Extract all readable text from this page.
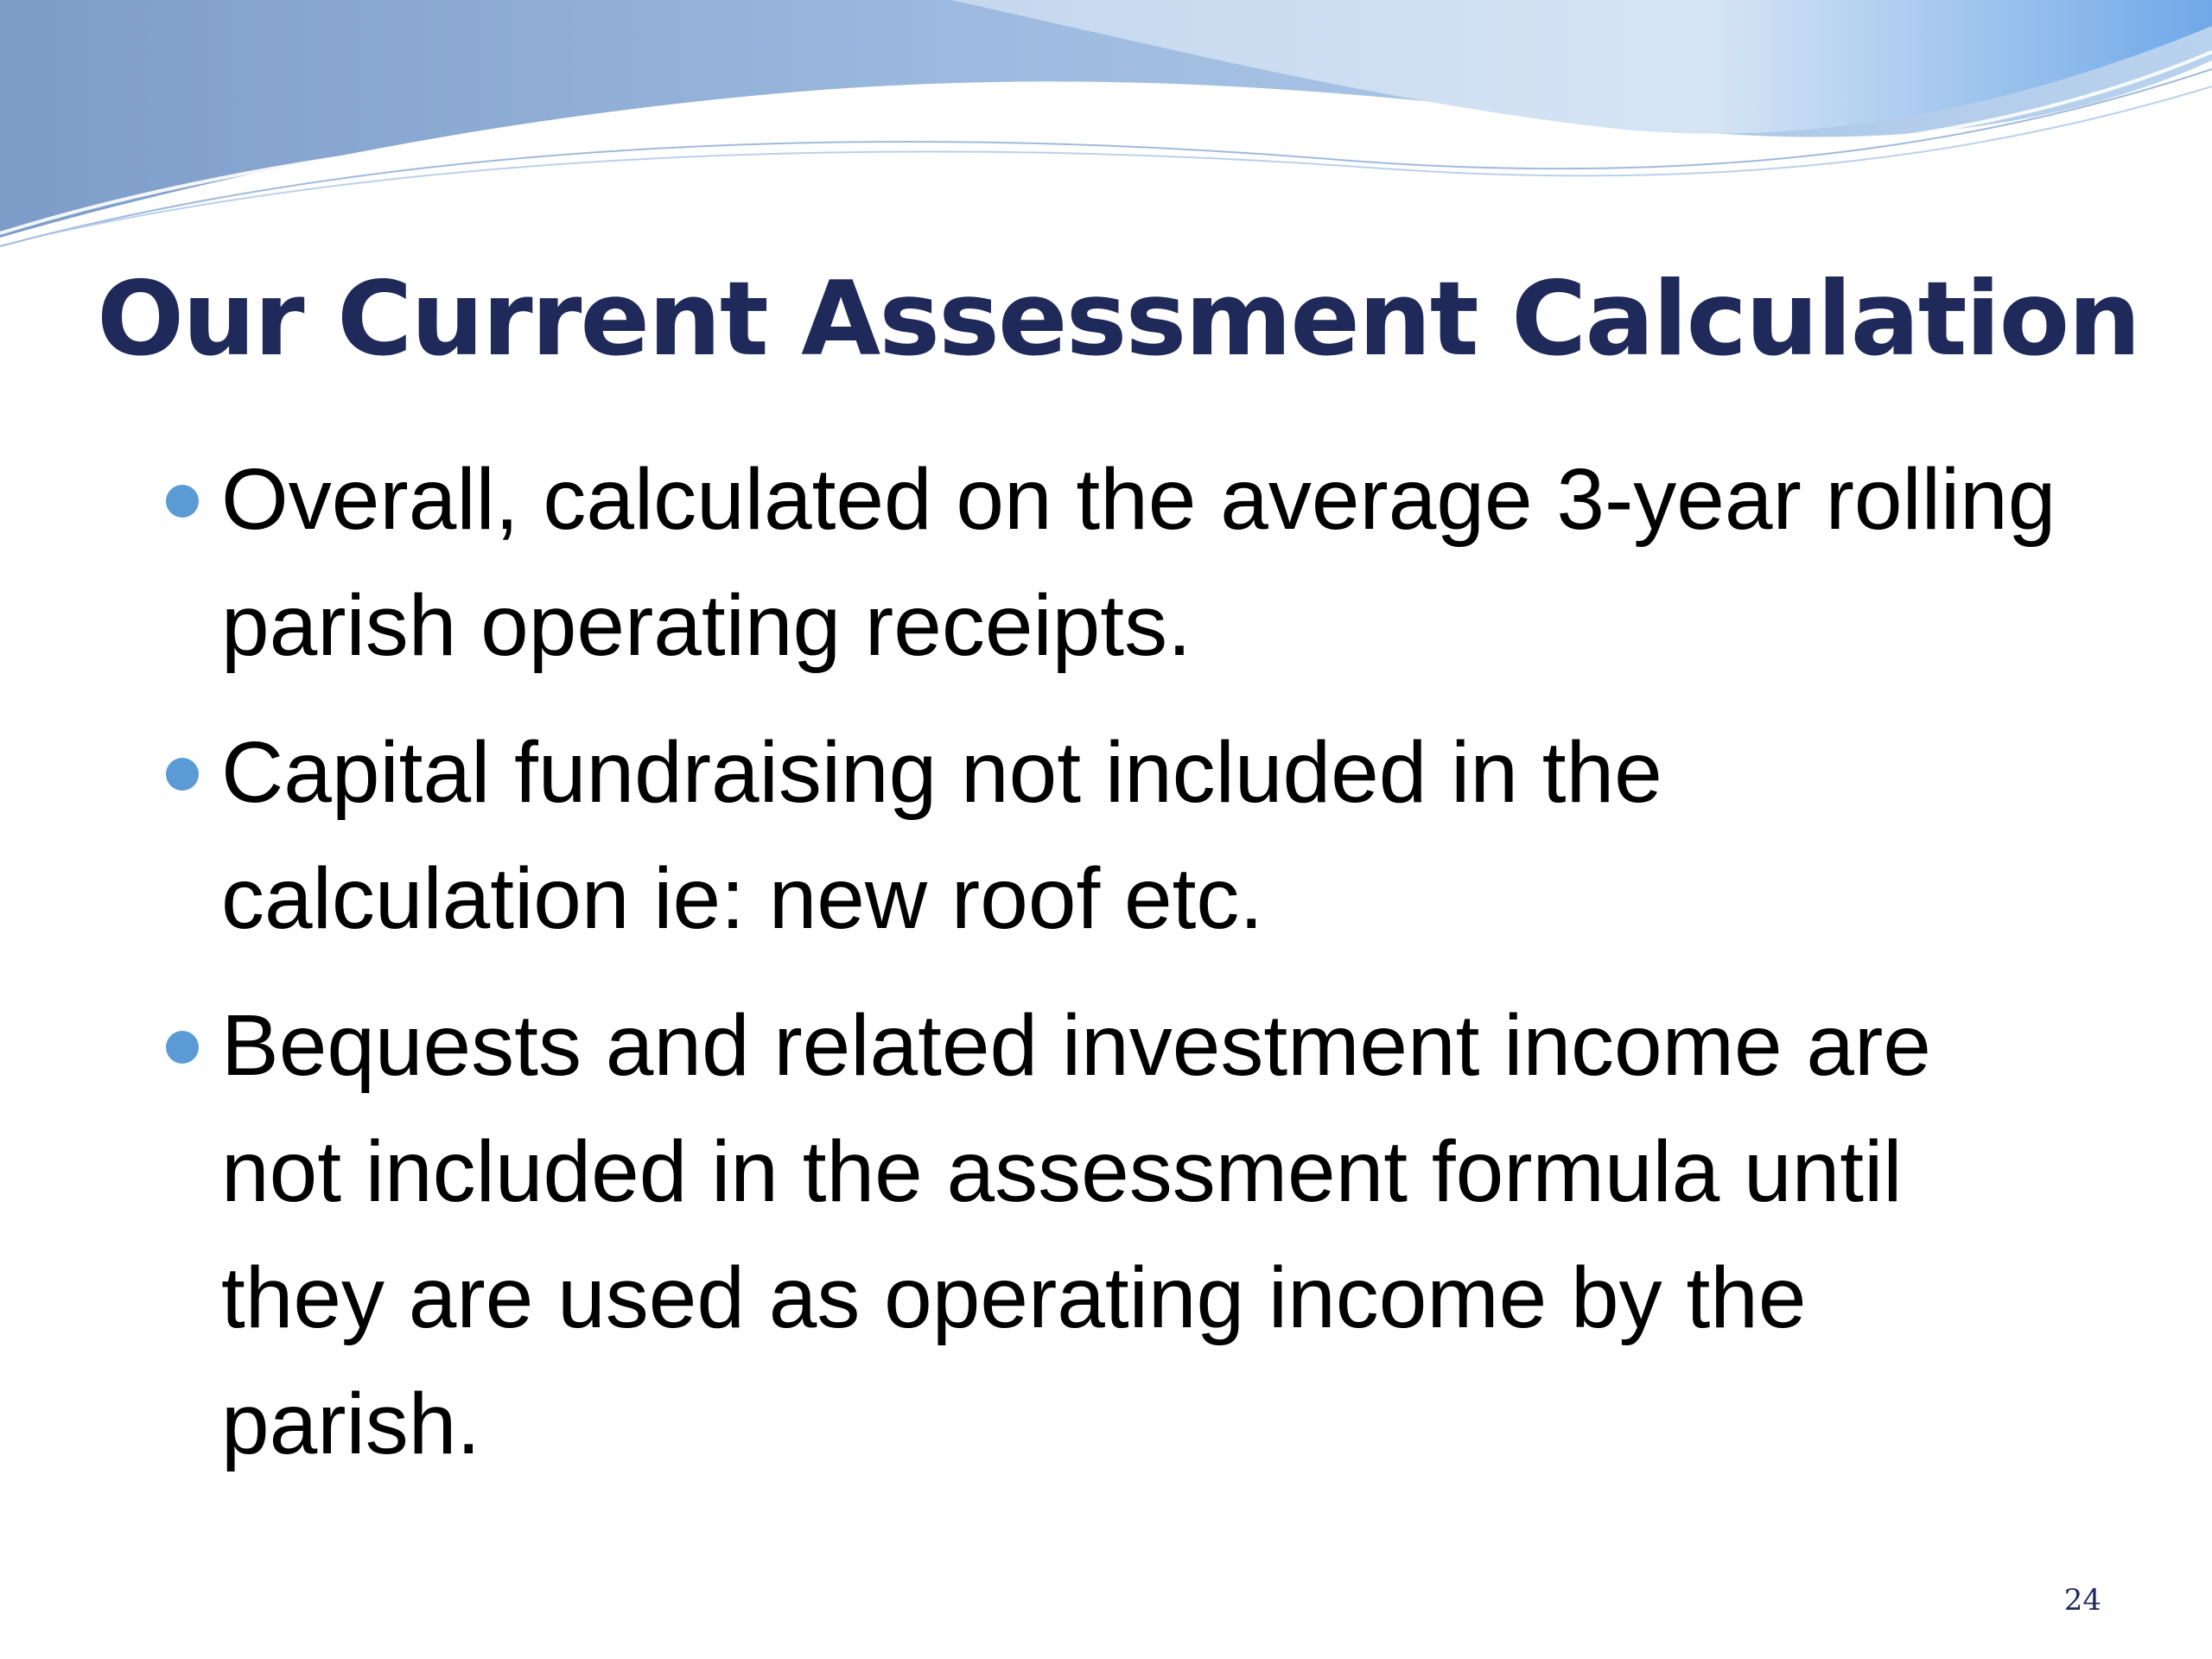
Our Current Assessment Calculation
Overall, calculated on the average 3-year rolling parish operating receipts.
Capital fundraising not included in the calculation ie: new roof etc.
Bequests and related investment income are not included in the assessment formula until they are used as operating income by the parish.
24
